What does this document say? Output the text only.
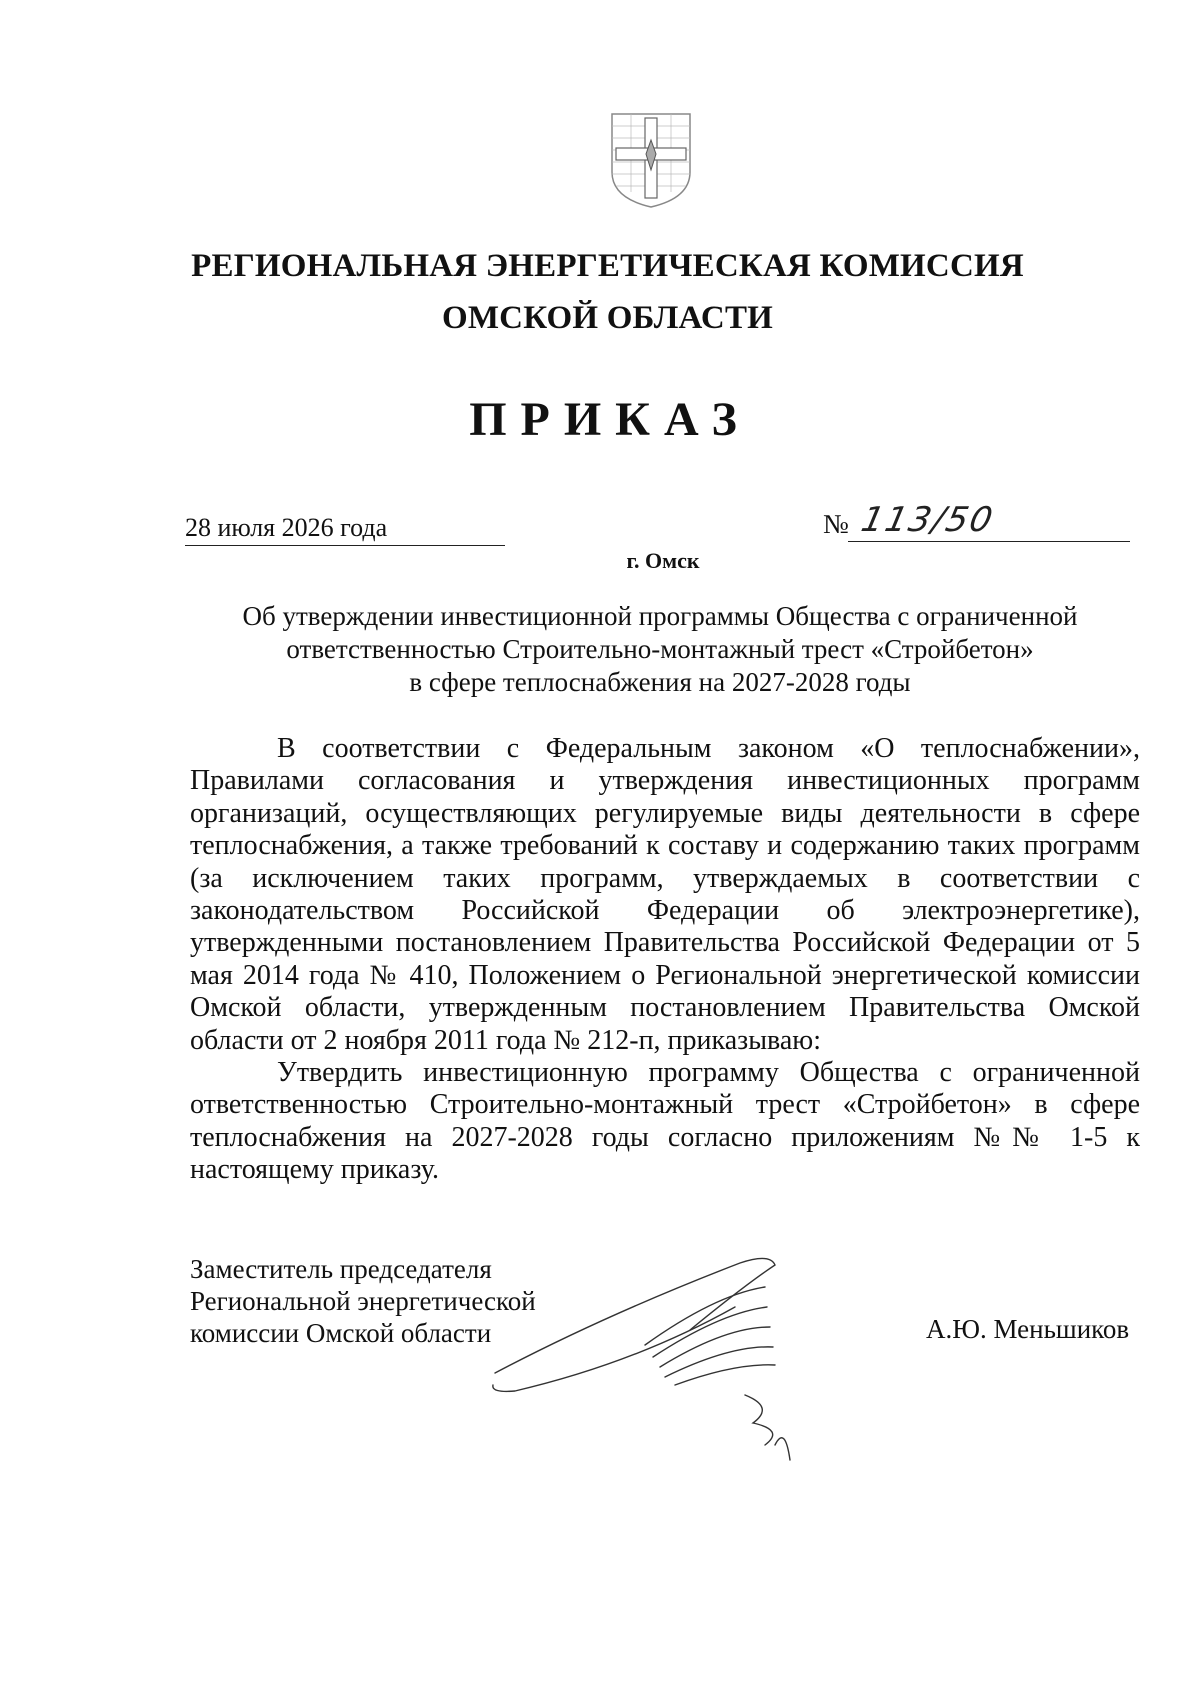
РЕГИОНАЛЬНАЯ ЭНЕРГЕТИЧЕСКАЯ КОМИССИЯ
ОМСКОЙ ОБЛАСТИ
ПРИКАЗ
28 июля 2026 года	№ 113/50
г. Омск
Об утверждении инвестиционной программы Общества с ограниченной
ответственностью Строительно-монтажный трест «Стройбетон»
в сфере теплоснабжения на 2027-2028 годы

В соответствии с Федеральным законом «О теплоснабжении», Правилами согласования и утверждения инвестиционных программ организаций, осуществляющих регулируемые виды деятельности в сфере теплоснабжения, а также требований к составу и содержанию таких программ (за исключением таких программ, утверждаемых в соответствии с законодательством Российской Федерации об электроэнергетике), утвержденными постановлением Правительства Российской Федерации от 5 мая 2014 года № 410, Положением о Региональной энергетической комиссии Омской области, утвержденным постановлением Правительства Омской области от 2 ноября 2011 года № 212-п, приказываю:

Утвердить инвестиционную программу Общества с ограниченной ответственностью Строительно-монтажный трест «Стройбетон» в сфере теплоснабжения на 2027-2028 годы согласно приложениям №№ 1-5 к настоящему приказу.

Заместитель председателя
Региональной энергетической
комиссии Омской области	А.Ю. Меньшиков
